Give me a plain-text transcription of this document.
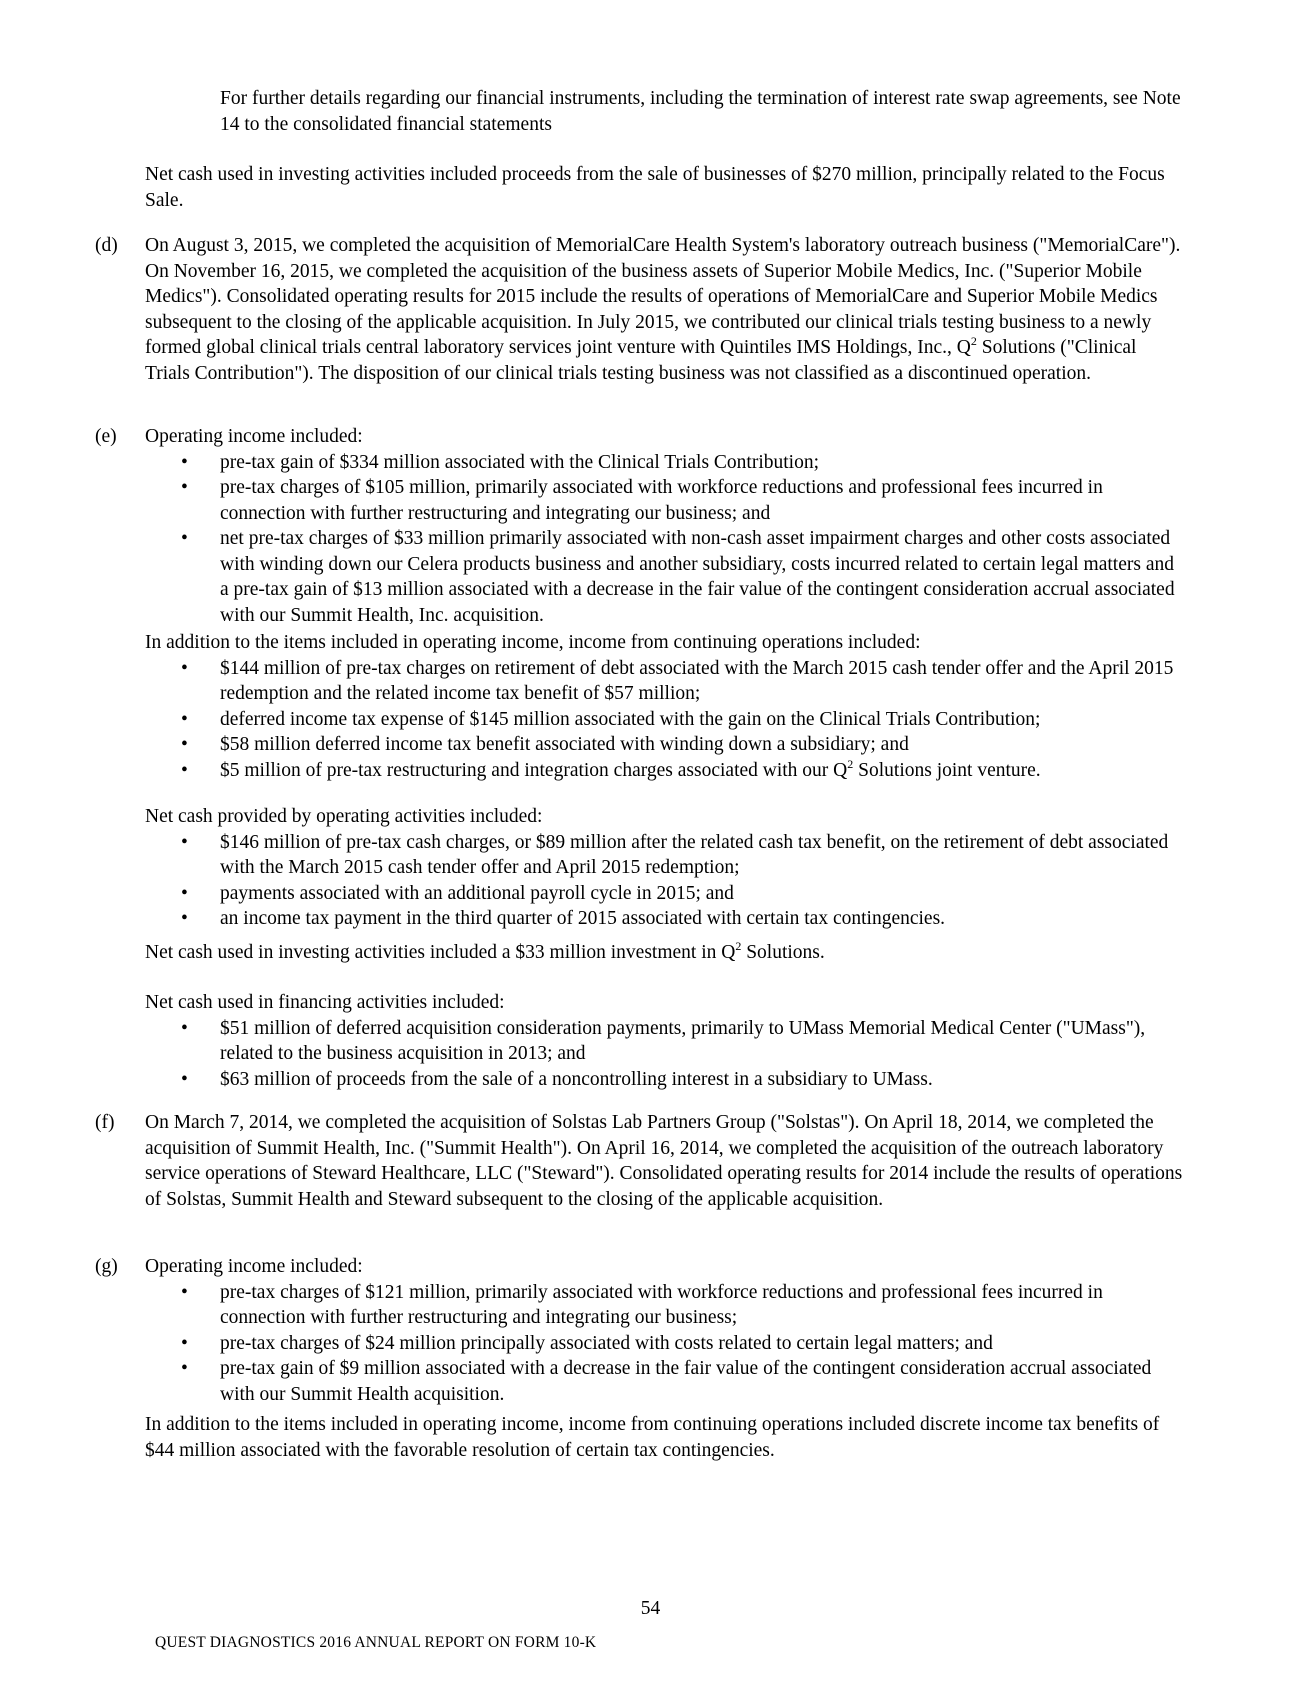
For further details regarding our financial instruments, including the termination of interest rate swap agreements, see Note 14 to the consolidated financial statements

Net cash used in investing activities included proceeds from the sale of businesses of $270 million, principally related to the Focus Sale.

(d)	On August 3, 2015, we completed the acquisition of MemorialCare Health System's laboratory outreach business ("MemorialCare"). On November 16, 2015, we completed the acquisition of the business assets of Superior Mobile Medics, Inc. ("Superior Mobile Medics"). Consolidated operating results for 2015 include the results of operations of MemorialCare and Superior Mobile Medics subsequent to the closing of the applicable acquisition. In July 2015, we contributed our clinical trials testing business to a newly formed global clinical trials central laboratory services joint venture with Quintiles IMS Holdings, Inc., $Q^2$ Solutions ("Clinical Trials Contribution"). The disposition of our clinical trials testing business was not classified as a discontinued operation.
(e)	Operating income included:
• pre-tax gain of $334 million associated with the Clinical Trials Contribution;
• pre-tax charges of $105 million, primarily associated with workforce reductions and professional fees incurred in connection with further restructuring and integrating our business; and
• net pre-tax charges of $33 million primarily associated with non-cash asset impairment charges and other costs associated with winding down our Celera products business and another subsidiary, costs incurred related to certain legal matters and a pre-tax gain of $13 million associated with a decrease in the fair value of the contingent consideration accrual associated with our Summit Health, Inc. acquisition.
In addition to the items included in operating income, income from continuing operations included:
• $144 million of pre-tax charges on retirement of debt associated with the March 2015 cash tender offer and the April 2015 redemption and the related income tax benefit of $57 million;
• deferred income tax expense of $145 million associated with the gain on the Clinical Trials Contribution;
• $58 million deferred income tax benefit associated with winding down a subsidiary; and
• $5 million of pre-tax restructuring and integration charges associated with our $Q^2$ Solutions joint venture.
Net cash provided by operating activities included:
• $146 million of pre-tax cash charges, or $89 million after the related cash tax benefit, on the retirement of debt associated with the March 2015 cash tender offer and April 2015 redemption;
• payments associated with an additional payroll cycle in 2015; and
• an income tax payment in the third quarter of 2015 associated with certain tax contingencies.
Net cash used in investing activities included a $33 million investment in $Q^2$ Solutions.
Net cash used in financing activities included:
• $51 million of deferred acquisition consideration payments, primarily to UMass Memorial Medical Center ("UMass"), related to the business acquisition in 2013; and
• $63 million of proceeds from the sale of a noncontrolling interest in a subsidiary to UMass.
(f)	On March 7, 2014, we completed the acquisition of Solstas Lab Partners Group ("Solstas"). On April 18, 2014, we completed the acquisition of Summit Health, Inc. ("Summit Health"). On April 16, 2014, we completed the acquisition of the outreach laboratory service operations of Steward Healthcare, LLC ("Steward"). Consolidated operating results for 2014 include the results of operations of Solstas, Summit Health and Steward subsequent to the closing of the applicable acquisition.
(g)	Operating income included:
• pre-tax charges of $121 million, primarily associated with workforce reductions and professional fees incurred in connection with further restructuring and integrating our business;
• pre-tax charges of $24 million principally associated with costs related to certain legal matters; and
• pre-tax gain of $9 million associated with a decrease in the fair value of the contingent consideration accrual associated with our Summit Health acquisition.
In addition to the items included in operating income, income from continuing operations included discrete income tax benefits of $44 million associated with the favorable resolution of certain tax contingencies.
54
QUEST DIAGNOSTICS 2016 ANNUAL REPORT ON FORM 10-K
